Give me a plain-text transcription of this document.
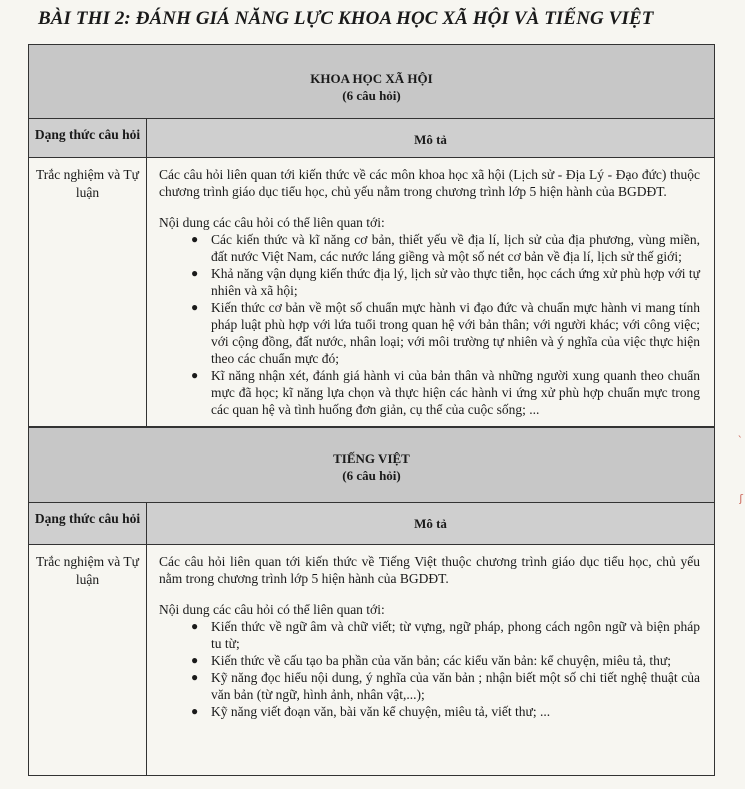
BÀI THI 2: ĐÁNH GIÁ NĂNG LỰC KHOA HỌC XÃ HỘI VÀ TIẾNG VIỆT
KHOA HỌC XÃ HỘI
(6 câu hỏi)
Dạng thức câu hỏi	Mô tả
Trắc nghiệm và Tự luận

Các câu hỏi liên quan tới kiến thức về các môn khoa học xã hội (Lịch sử - Địa Lý - Đạo đức) thuộc chương trình giáo dục tiểu học, chủ yếu nằm trong chương trình lớp 5 hiện hành của BGDĐT.

Nội dung các câu hỏi có thể liên quan tới:

● Các kiến thức và kĩ năng cơ bản, thiết yếu về địa lí, lịch sử của địa phương, vùng miền, đất nước Việt Nam, các nước láng giềng và một số nét cơ bản về địa lí, lịch sử thế giới;
● Khả năng vận dụng kiến thức địa lý, lịch sử vào thực tiễn, học cách ứng xử phù hợp với tự nhiên và xã hội;
● Kiến thức cơ bản về một số chuẩn mực hành vi đạo đức và chuẩn mực hành vi mang tính pháp luật phù hợp với lứa tuổi trong quan hệ với bản thân; với người khác; với công việc; với cộng đồng, đất nước, nhân loại; với môi trường tự nhiên và ý nghĩa của việc thực hiện theo các chuẩn mực đó;
● Kĩ năng nhận xét, đánh giá hành vi của bản thân và những người xung quanh theo chuẩn mực đã học; kĩ năng lựa chọn và thực hiện các hành vi ứng xử phù hợp chuẩn mực trong các quan hệ và tình huống đơn giản, cụ thể của cuộc sống; ...
TIẾNG VIỆT
(6 câu hỏi)
Dạng thức câu hỏi	Mô tả
Trắc nghiệm và Tự luận

Các câu hỏi liên quan tới kiến thức về Tiếng Việt thuộc chương trình giáo dục tiểu học, chủ yếu nằm trong chương trình lớp 5 hiện hành của BGDĐT.

Nội dung các câu hỏi có thể liên quan tới:

● Kiến thức về ngữ âm và chữ viết; từ vựng, ngữ pháp, phong cách ngôn ngữ và biện pháp tu từ;
● Kiến thức về cấu tạo ba phần của văn bản; các kiểu văn bản: kể chuyện, miêu tả, thư;
● Kỹ năng đọc hiểu nội dung, ý nghĩa của văn bản ; nhận biết một số chi tiết nghệ thuật của văn bản (từ ngữ, hình ảnh, nhân vật,...);
● Kỹ năng viết đoạn văn, bài văn kể chuyện, miêu tả, viết thư; ...
ˎ
ʃ
